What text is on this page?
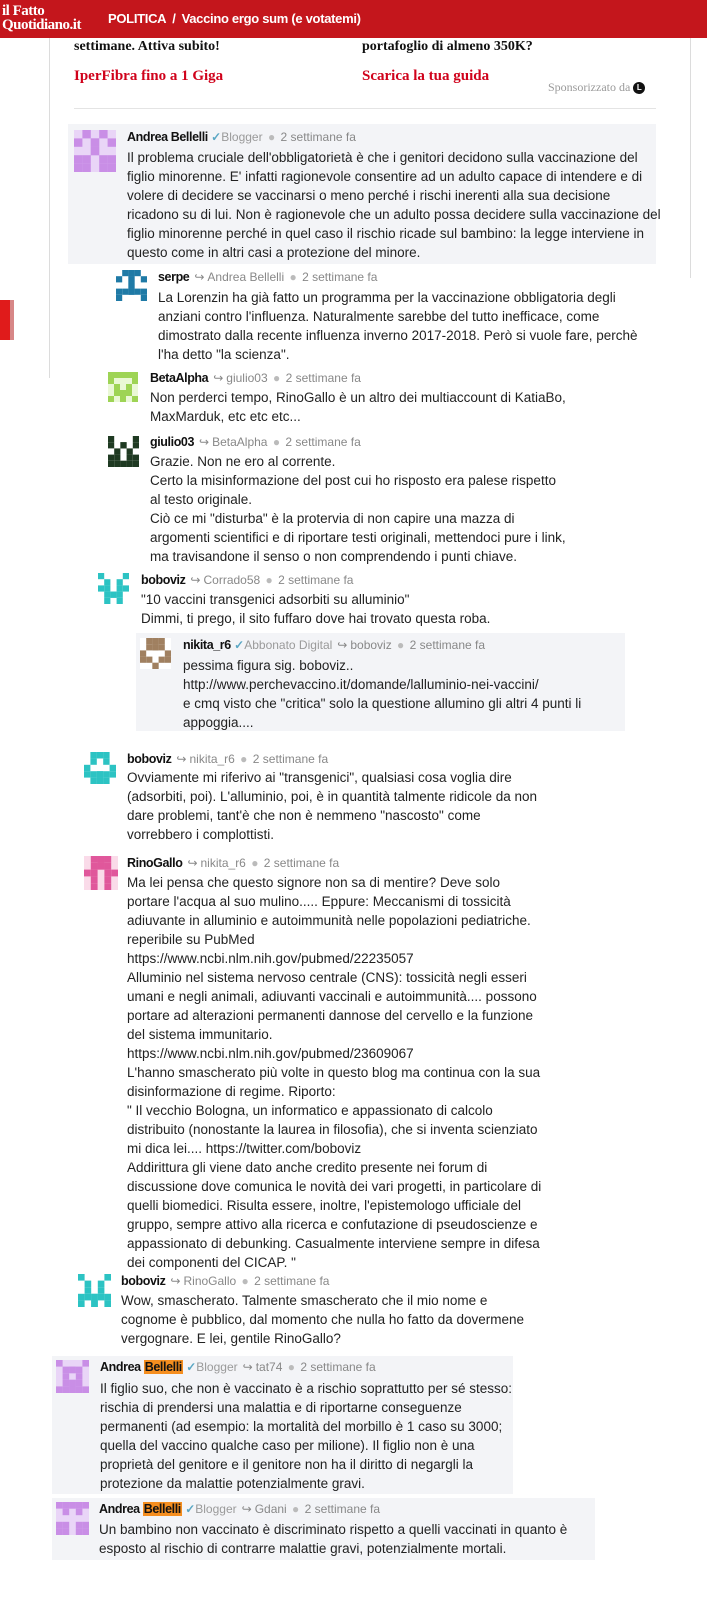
il Fatto
Quotidiano.it	POLITICA / Vaccino ergo sum (e votatemi)
settimane. Attiva subito!	portafoglio di almeno 350K?
IperFibra fino a 1 Giga	Scarica la tua guida
Sponsorizzato da L
Andrea Bellelli ✓Blogger ● 2 settimane fa
Il problema cruciale dell'obbligatorietà è che i genitori decidono sulla vaccinazione del
figlio minorenne. E' infatti ragionevole consentire ad un adulto capace di intendere e di
volere di decidere se vaccinarsi o meno perché i rischi inerenti alla sua decisione
ricadono su di lui. Non è ragionevole che un adulto possa decidere sulla vaccinazione del
figlio minorenne perché in quel caso il rischio ricade sul bambino: la legge interviene in
questo come in altri casi a protezione del minore.
serpe ↪ Andrea Bellelli ● 2 settimane fa
La Lorenzin ha già fatto un programma per la vaccinazione obbligatoria degli
anziani contro l'influenza. Naturalmente sarebbe del tutto inefficace, come
dimostrato dalla recente influenza inverno 2017-2018. Però si vuole fare, perchè
l'ha detto "la scienza".
BetaAlpha ↪ giulio03 ● 2 settimane fa
Non perderci tempo, RinoGallo è un altro dei multiaccount di KatiaBo,
MaxMarduk, etc etc etc...
giulio03 ↪ BetaAlpha ● 2 settimane fa
Grazie. Non ne ero al corrente.
Certo la misinformazione del post cui ho risposto era palese rispetto
al testo originale.
Ciò ce mi "disturba" è la protervia di non capire una mazza di
argomenti scientifici e di riportare testi originali, mettendoci pure i link,
ma travisandone il senso o non comprendendo i punti chiave.
boboviz ↪ Corrado58 ● 2 settimane fa
"10 vaccini transgenici adsorbiti su alluminio"
Dimmi, ti prego, il sito fuffaro dove hai trovato questa roba.
nikita_r6 ✓Abbonato Digital ↪ boboviz ● 2 settimane fa
pessima figura sig. boboviz..
http://www.perchevaccino.it/domande/lalluminio-nei-vaccini/
e cmq visto che "critica" solo la questione allumino gli altri 4 punti li
appoggia....
boboviz ↪ nikita_r6 ● 2 settimane fa
Ovviamente mi riferivo ai "transgenici", qualsiasi cosa voglia dire
(adsorbiti, poi). L'alluminio, poi, è in quantità talmente ridicole da non
dare problemi, tant'è che non è nemmeno "nascosto" come
vorrebbero i complottisti.
RinoGallo ↪ nikita_r6 ● 2 settimane fa
Ma lei pensa che questo signore non sa di mentire? Deve solo
portare l'acqua al suo mulino..... Eppure: Meccanismi di tossicità
adiuvante in alluminio e autoimmunità nelle popolazioni pediatriche.
reperibile su PubMed
https://www.ncbi.nlm.nih.gov/pubmed/22235057
Alluminio nel sistema nervoso centrale (CNS): tossicità negli esseri
umani e negli animali, adiuvanti vaccinali e autoimmunità.... possono
portare ad alterazioni permanenti dannose del cervello e la funzione
del sistema immunitario.
https://www.ncbi.nlm.nih.gov/pubmed/23609067
L'hanno smascherato più volte in questo blog ma continua con la sua
disinformazione di regime. Riporto:
" Il vecchio Bologna, un informatico e appassionato di calcolo
distribuito (nonostante la laurea in filosofia), che si inventa scienziato
mi dica lei.... https://twitter.com/boboviz
Addirittura gli viene dato anche credito presente nei forum di
discussione dove comunica le novità dei vari progetti, in particolare di
quelli biomedici. Risulta essere, inoltre, l'epistemologo ufficiale del
gruppo, sempre attivo alla ricerca e confutazione di pseudoscienze e
appassionato di debunking. Casualmente interviene sempre in difesa
dei componenti del CICAP. "
boboviz ↪ RinoGallo ● 2 settimane fa
Wow, smascherato. Talmente smascherato che il mio nome e
cognome è pubblico, dal momento che nulla ho fatto da dovermene
vergognare. E lei, gentile RinoGallo?
Andrea Bellelli ✓Blogger ↪ tat74 ● 2 settimane fa
Il figlio suo, che non è vaccinato è a rischio soprattutto per sé stesso:
rischia di prendersi una malattia e di riportarne conseguenze
permanenti (ad esempio: la mortalità del morbillo è 1 caso su 3000;
quella del vaccino qualche caso per milione). Il figlio non è una
proprietà del genitore e il genitore non ha il diritto di negargli la
protezione da malattie potenzialmente gravi.
Andrea Bellelli ✓Blogger ↪ Gdani ● 2 settimane fa
Un bambino non vaccinato è discriminato rispetto a quelli vaccinati in quanto è
esposto al rischio di contrarre malattie gravi, potenzialmente mortali.
